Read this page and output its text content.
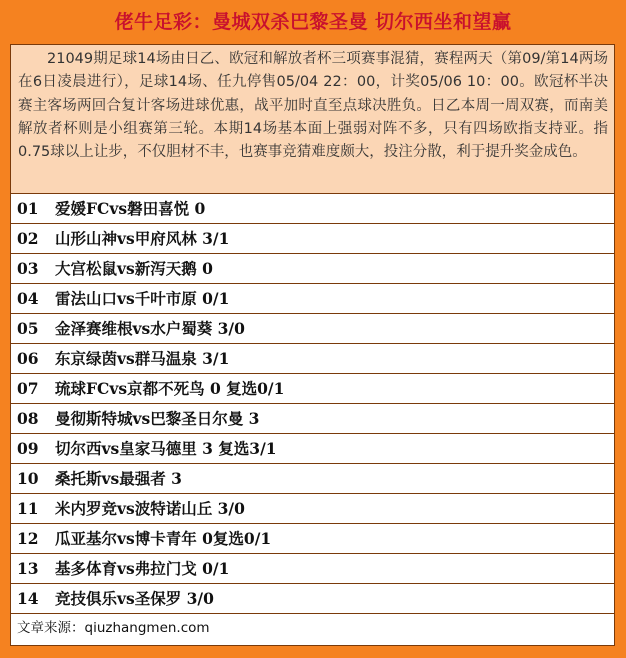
佬牛足彩：曼城双杀巴黎圣曼 切尔西坐和望赢
21049期足球14场由日乙、欧冠和解放者杯三项赛事混猜，赛程两天（第09/第14两场在6日凌晨进行），足球14场、任九停售05/04 22：00，计奖05/06 10：00。欧冠杯半决赛主客场两回合复计客场进球优惠，战平加时直至点球决胜负。日乙本周一周双赛，而南美解放者杯则是小组赛第三轮。本期14场基本面上强弱对阵不多，只有四场欧指支持亚。指0.75球以上让步，不仅胆材不丰，也赛事竞猜难度颇大，投注分散，利于提升奖金成色。
01 爱媛FCvs磐田喜悦 0
02 山形山神vs甲府风林 3/1
03 大宫松鼠vs新泻天鹅 0
04 雷法山口vs千叶市原 0/1
05 金泽赛维根vs水户蜀葵 3/0
06 东京绿茵vs群马温泉 3/1
07 琉球FCvs京都不死鸟 0 复选0/1
08 曼彻斯特城vs巴黎圣日尔曼 3
09 切尔西vs皇家马德里 3 复选3/1
10 桑托斯vs最强者 3
11 米内罗竞vs波特诺山丘 3/0
12 瓜亚基尔vs博卡青年 0复选0/1
13 基多体育vs弗拉门戈 0/1
14 竞技俱乐vs圣保罗 3/0
文章来源：qiuzhangmen.com
